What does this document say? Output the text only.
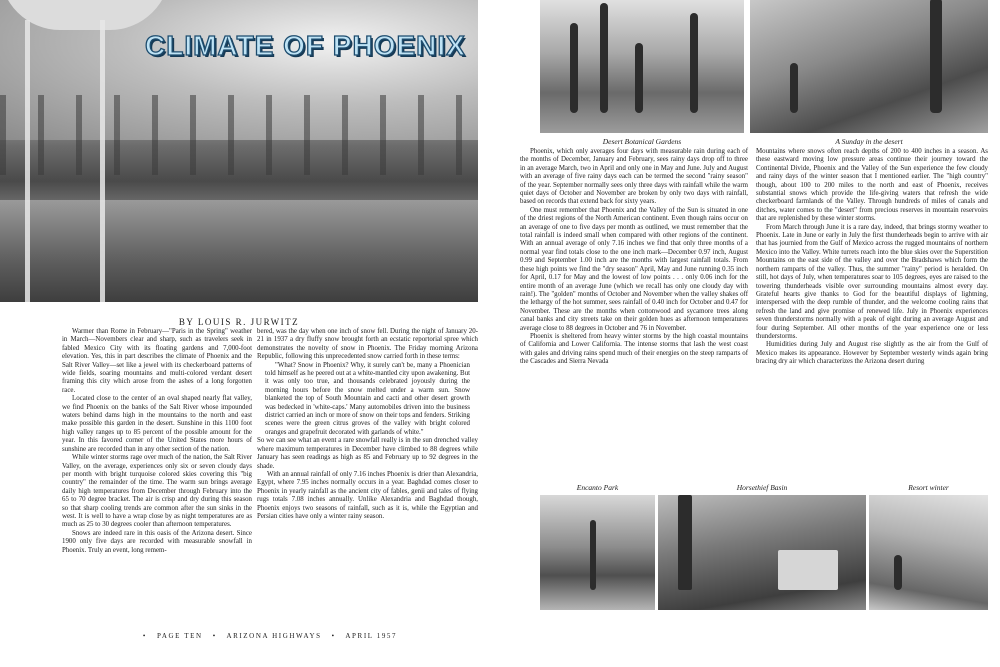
CLIMATE OF PHOENIX
BY LOUIS R. JURWITZ

Warmer than Rome in February—"Paris in the Spring" weather in March—Novembers clear and sharp, such as travelers seek in fabled Mexico City with its floating gardens and 7,000-foot elevation. Yes, this in part describes the climate of Phoenix and the Salt River Valley—set like a jewel with its checkerboard patterns of wide fields, soaring mountains and multi-colored verdant desert framing this city which arose from the ashes of a long forgotten race.

Located close to the center of an oval shaped nearly flat valley, we find Phoenix on the banks of the Salt River whose impounded waters behind dams high in the mountains to the north and east make possible this garden in the desert. Sunshine in this 1100 foot high valley ranges up to 85 percent of the possible amount for the year. In this favored corner of the United States more hours of sunshine are recorded than in any other section of the nation.

While winter storms rage over much of the nation, the Salt River Valley, on the average, experiences only six or seven cloudy days per month with bright turquoise colored skies covering this "big country" the remainder of the time. The warm sun brings average daily high temperatures from December through February into the 65 to 70 degree bracket. The air is crisp and dry during this season so that sharp cooling trends are common after the sun sinks in the west. It is well to have a wrap close by as night temperatures are as much as 25 to 30 degrees cooler than afternoon temperatures.

Snows are indeed rare in this oasis of the Arizona desert. Since 1900 only five days are recorded with measurable snowfall in Phoenix. Truly an event, long remem-

bered, was the day when one inch of snow fell. During the night of January 20-21 in 1937 a dry fluffy snow brought forth an ecstatic reportorial spree which demonstrates the novelty of snow in Phoenix. The Friday morning Arizona Republic, following this unprecedented snow carried forth in these terms:

"What? Snow in Phoenix? Why, it surely can't be, many a Phoenician told himself as he peered out at a white-mantled city upon awakening. But it was only too true, and thousands celebrated joyously during the morning hours before the snow melted under a warm sun. Snow blanketed the top of South Mountain and cacti and other desert growth was bedecked in 'white-caps.' Many automobiles driven into the business district carried an inch or more of snow on their tops and fenders. Striking scenes were the green citrus groves of the valley with bright colored oranges and grapefruit decorated with garlands of white."

So we can see what an event a rare snowfall really is in the sun drenched valley where maximum temperatures in December have climbed to 88 degrees while January has seen readings as high as 85 and February up to 92 degrees in the shade.

With an annual rainfall of only 7.16 inches Phoenix is drier than Alexandria, Egypt, where 7.95 inches normally occurs in a year. Baghdad comes closer to Phoenix in yearly rainfall as the ancient city of fables, genii and tales of flying rugs totals 7.08 inches annually. Unlike Alexandria and Baghdad though, Phoenix enjoys two seasons of rainfall, such as it is, while the Egyptian and Persian cities have only a winter rainy season.

• PAGE TEN • ARIZONA HIGHWAYS • APRIL 1957
Desert Botanical Gardens	A Sunday in the desert

Phoenix, which only averages four days with measurable rain during each of the months of December, January and February, sees rainy days drop off to three in an average March, two in April and only one in May and June. July and August with an average of five rainy days each can be termed the second "rainy season" of the year. September normally sees only three days with rainfall while the warm quiet days of October and November are broken by only two days with rainfall, based on records that extend back for sixty years.

One must remember that Phoenix and the Valley of the Sun is situated in one of the driest regions of the North American continent. Even though rains occur on an average of one to five days per month as outlined, we must remember that the total rainfall is indeed small when compared with other regions of the continent. With an annual average of only 7.16 inches we find that only three months of a normal year find totals close to the one inch mark—December 0.97 inch, August 0.99 and September 1.00 inch are the months with largest rainfall totals. From these high points we find the "dry season" April, May and June running 0.35 inch for April, 0.17 for May and the lowest of low points . . . only 0.06 inch for the entire month of an average June (which we recall has only one cloudy day with rain!). The "golden" months of October and November when the valley shakes off the lethargy of the hot summer, sees rainfall of 0.40 inch for October and 0.47 for November. These are the months when cottonwood and sycamore trees along canal banks and city streets take on their golden hues as afternoon temperatures average close to 88 degrees in October and 76 in November.

Phoenix is sheltered from heavy winter storms by the high coastal mountains of California and Lower California. The intense storms that lash the west coast with gales and driving rains spend much of their energies on the steep ramparts of the Cascades and Sierra Nevada

Mountains where snows often reach depths of 200 to 400 inches in a season. As these eastward moving low pressure areas continue their journey toward the Continental Divide, Phoenix and the Valley of the Sun experience the few cloudy and rainy days of the winter season that I mentioned earlier. The "high country" though, about 100 to 200 miles to the north and east of Phoenix, receives substantial snows which provide the life-giving waters that refresh the wide checkerboard farmlands of the Valley. Through hundreds of miles of canals and ditches, water comes to the "desert" from precious reserves in mountain reservoirs that are replenished by these winter storms.

From March through June it is a rare day, indeed, that brings stormy weather to Phoenix. Late in June or early in July the first thunderheads begin to arrive with air that has journied from the Gulf of Mexico across the rugged mountains of northern Mexico into the Valley. White turrets reach into the blue skies over the Superstition Mountains on the east side of the valley and over the Bradshaws which form the northern ramparts of the valley. Thus, the summer "rainy" period is heralded. On still, hot days of July, when temperatures soar to 105 degrees, eyes are raised to the towering thunderheads visible over surrounding mountains almost every day. Grateful hearts give thanks to God for the beautiful displays of lightning, interspersed with the deep rumble of thunder, and the welcome cooling rains that refresh the land and give promise of renewed life. July in Phoenix experiences seven thunderstorms normally with a peak of eight during an average August and four during September. All other months of the year experience one or less thunderstorms.

Humidities during July and August rise slightly as the air from the Gulf of Mexico makes its appearance. However by September westerly winds again bring bracing dry air which characterizes the Arizona desert during

Encanto Park	Horsethief Basin	Resort winter
